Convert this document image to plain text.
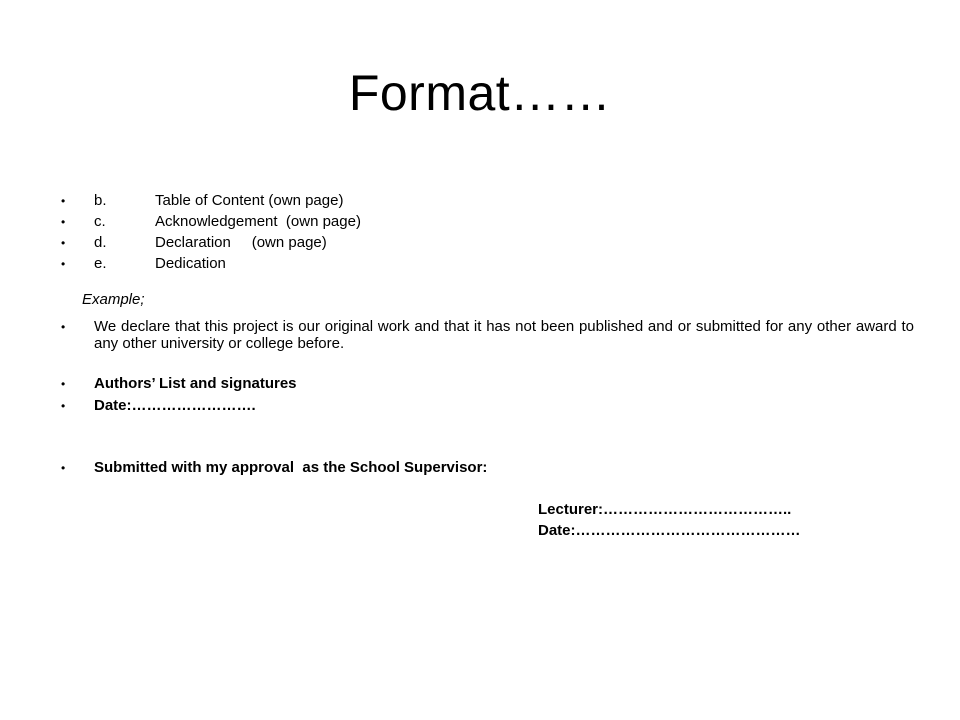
Format……
• b.	Table of Content (own page)
• c.	Acknowledgement  (own page)
• d.	Declaration     (own page)
• e.	Dedication
Example;
• We declare that this project is our original work and that it has not been published and or submitted for any other award to any other university or college before.
• Authors’ List and signatures
• Date:…………………….
• Submitted with my approval  as the School Supervisor:
Lecturer:………………………………..
Date:………………………………………
